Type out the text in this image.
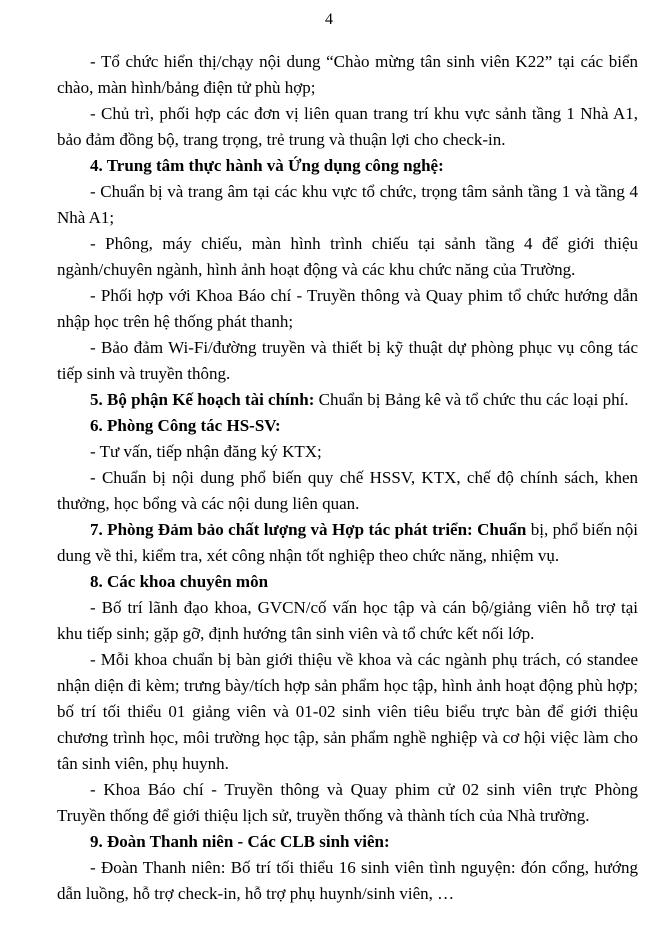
4

- Tổ chức hiển thị/chạy nội dung “Chào mừng tân sinh viên K22” tại các biển chào, màn hình/bảng điện tử phù hợp;

- Chủ trì, phối hợp các đơn vị liên quan trang trí khu vực sảnh tầng 1 Nhà A1, bảo đảm đồng bộ, trang trọng, trẻ trung và thuận lợi cho check-in.

4. Trung tâm thực hành và Ứng dụng công nghệ:

- Chuẩn bị và trang âm tại các khu vực tổ chức, trọng tâm sảnh tầng 1 và tầng 4 Nhà A1;

- Phông, máy chiếu, màn hình trình chiếu tại sảnh tầng 4 để giới thiệu ngành/chuyên ngành, hình ảnh hoạt động và các khu chức năng của Trường.

- Phối hợp với Khoa Báo chí - Truyền thông và Quay phim tổ chức hướng dẫn nhập học trên hệ thống phát thanh;

- Bảo đảm Wi-Fi/đường truyền và thiết bị kỹ thuật dự phòng phục vụ công tác tiếp sinh và truyền thông.

5. Bộ phận Kế hoạch tài chính: Chuẩn bị Bảng kê và tổ chức thu các loại phí.

6. Phòng Công tác HS-SV:

- Tư vấn, tiếp nhận đăng ký KTX;

- Chuẩn bị nội dung phổ biến quy chế HSSV, KTX, chế độ chính sách, khen thưởng, học bổng và các nội dung liên quan.

7. Phòng Đảm bảo chất lượng và Hợp tác phát triển: Chuẩn bị, phổ biến nội dung về thi, kiểm tra, xét công nhận tốt nghiệp theo chức năng, nhiệm vụ.

8. Các khoa chuyên môn

- Bố trí lãnh đạo khoa, GVCN/cố vấn học tập và cán bộ/giảng viên hỗ trợ tại khu tiếp sinh; gặp gỡ, định hướng tân sinh viên và tổ chức kết nối lớp.

- Mỗi khoa chuẩn bị bàn giới thiệu về khoa và các ngành phụ trách, có standee nhận diện đi kèm; trưng bày/tích hợp sản phẩm học tập, hình ảnh hoạt động phù hợp; bố trí tối thiểu 01 giảng viên và 01-02 sinh viên tiêu biểu trực bàn để giới thiệu chương trình học, môi trường học tập, sản phẩm nghề nghiệp và cơ hội việc làm cho tân sinh viên, phụ huynh.

- Khoa Báo chí - Truyền thông và Quay phim cử 02 sinh viên trực Phòng Truyền thống để giới thiệu lịch sử, truyền thống và thành tích của Nhà trường.

9. Đoàn Thanh niên - Các CLB sinh viên:

- Đoàn Thanh niên: Bố trí tối thiểu 16 sinh viên tình nguyện: đón cổng, hướng dẫn luồng, hỗ trợ check-in, hỗ trợ phụ huynh/sinh viên, …
